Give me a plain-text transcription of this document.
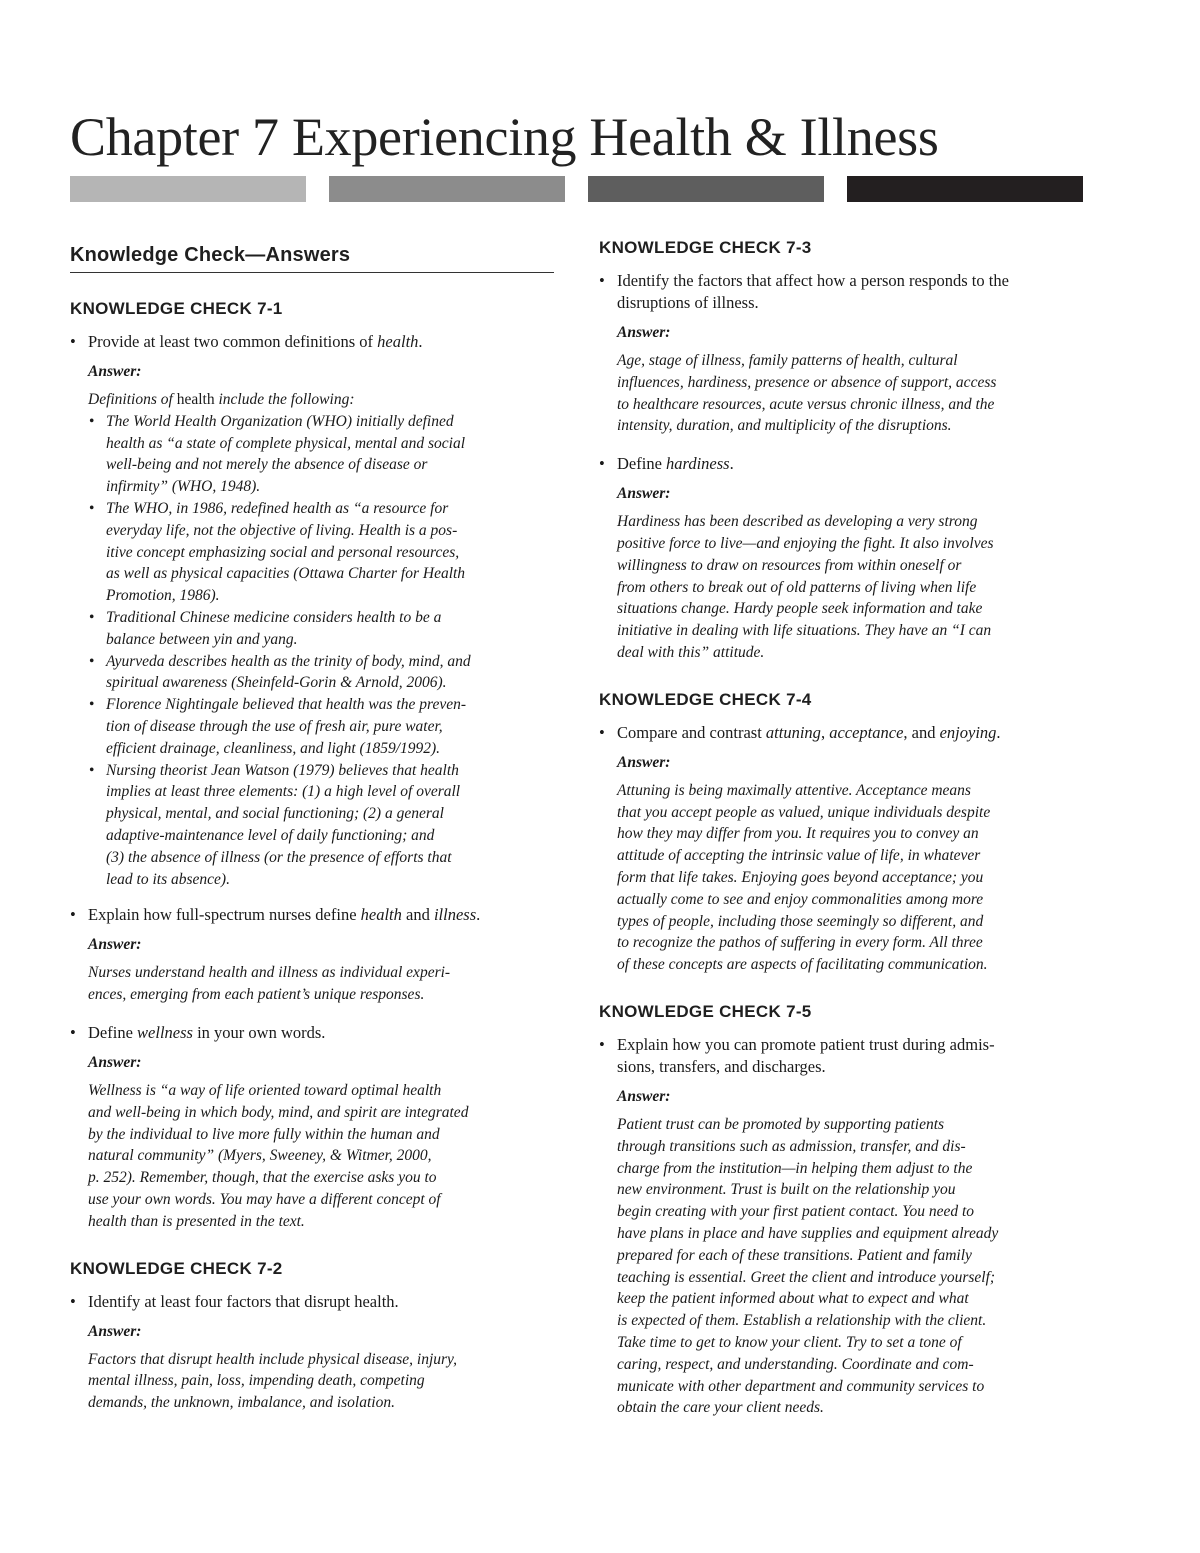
Chapter 7 Experiencing Health & Illness
Knowledge Check—Answers
KNOWLEDGE CHECK 7-1
• Provide at least two common definitions of health.
Answer:
Definitions of health include the following:
• The World Health Organization (WHO) initially defined
health as “a state of complete physical, mental and social
well-being and not merely the absence of disease or
infirmity” (WHO, 1948).
• The WHO, in 1986, redefined health as “a resource for
everyday life, not the objective of living. Health is a pos-
itive concept emphasizing social and personal resources,
as well as physical capacities (Ottawa Charter for Health
Promotion, 1986).
• Traditional Chinese medicine considers health to be a
balance between yin and yang.
• Ayurveda describes health as the trinity of body, mind, and
spiritual awareness (Sheinfeld-Gorin & Arnold, 2006).
• Florence Nightingale believed that health was the preven-
tion of disease through the use of fresh air, pure water,
efficient drainage, cleanliness, and light (1859/1992).
• Nursing theorist Jean Watson (1979) believes that health
implies at least three elements: (1) a high level of overall
physical, mental, and social functioning; (2) a general
adaptive-maintenance level of daily functioning; and
(3) the absence of illness (or the presence of efforts that
lead to its absence).
• Explain how full-spectrum nurses define health and illness.
Answer:
Nurses understand health and illness as individual experi-
ences, emerging from each patient’s unique responses.
• Define wellness in your own words.
Answer:
Wellness is “a way of life oriented toward optimal health
and well-being in which body, mind, and spirit are integrated
by the individual to live more fully within the human and
natural community” (Myers, Sweeney, & Witmer, 2000,
p. 252). Remember, though, that the exercise asks you to
use your own words. You may have a different concept of
health than is presented in the text.
KNOWLEDGE CHECK 7-2
• Identify at least four factors that disrupt health.
Answer:
Factors that disrupt health include physical disease, injury,
mental illness, pain, loss, impending death, competing
demands, the unknown, imbalance, and isolation.
KNOWLEDGE CHECK 7-3
• Identify the factors that affect how a person responds to the
disruptions of illness.
Answer:
Age, stage of illness, family patterns of health, cultural
influences, hardiness, presence or absence of support, access
to healthcare resources, acute versus chronic illness, and the
intensity, duration, and multiplicity of the disruptions.
• Define hardiness.
Answer:
Hardiness has been described as developing a very strong
positive force to live—and enjoying the fight. It also involves
willingness to draw on resources from within oneself or
from others to break out of old patterns of living when life
situations change. Hardy people seek information and take
initiative in dealing with life situations. They have an “I can
deal with this” attitude.
KNOWLEDGE CHECK 7-4
• Compare and contrast attuning, acceptance, and enjoying.
Answer:
Attuning is being maximally attentive. Acceptance means
that you accept people as valued, unique individuals despite
how they may differ from you. It requires you to convey an
attitude of accepting the intrinsic value of life, in whatever
form that life takes. Enjoying goes beyond acceptance; you
actually come to see and enjoy commonalities among more
types of people, including those seemingly so different, and
to recognize the pathos of suffering in every form. All three
of these concepts are aspects of facilitating communication.
KNOWLEDGE CHECK 7-5
• Explain how you can promote patient trust during admis-
sions, transfers, and discharges.
Answer:
Patient trust can be promoted by supporting patients
through transitions such as admission, transfer, and dis-
charge from the institution—in helping them adjust to the
new environment. Trust is built on the relationship you
begin creating with your first patient contact. You need to
have plans in place and have supplies and equipment already
prepared for each of these transitions. Patient and family
teaching is essential. Greet the client and introduce yourself;
keep the patient informed about what to expect and what
is expected of them. Establish a relationship with the client.
Take time to get to know your client. Try to set a tone of
caring, respect, and understanding. Coordinate and com-
municate with other department and community services to
obtain the care your client needs.
